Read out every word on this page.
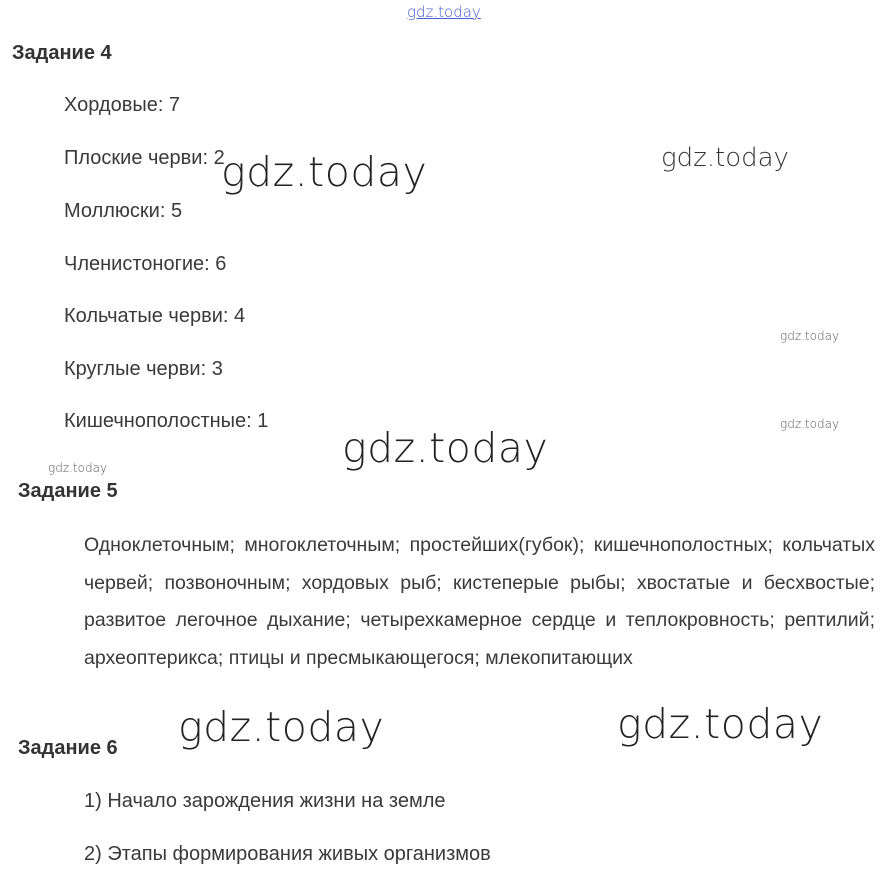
gdz.today
Задание 4
Хордовые: 7
Плоские черви: 2
Моллюски: 5
Членистоногие: 6
Кольчатые черви: 4
Круглые черви: 3
Кишечнополостные: 1
Задание 5

Одноклеточным; многоклеточным; простейших(губок); кишечнополостных; кольчатых червей; позвоночным; хордовых рыб; кистеперые рыбы; хвостатые и бесхвостые; развитое легочное дыхание; четырехкамерное сердце и теплокровность; рептилий; археоптерикса; птицы и пресмыкающегося; млекопитающих

Задание 6
1) Начало зарождения жизни на земле
2) Этапы формирования живых организмов
gdz.today	gdz.today
gdz.today
gdz.today
gdz.today
gdz.today
gdz.today	gdz.today
